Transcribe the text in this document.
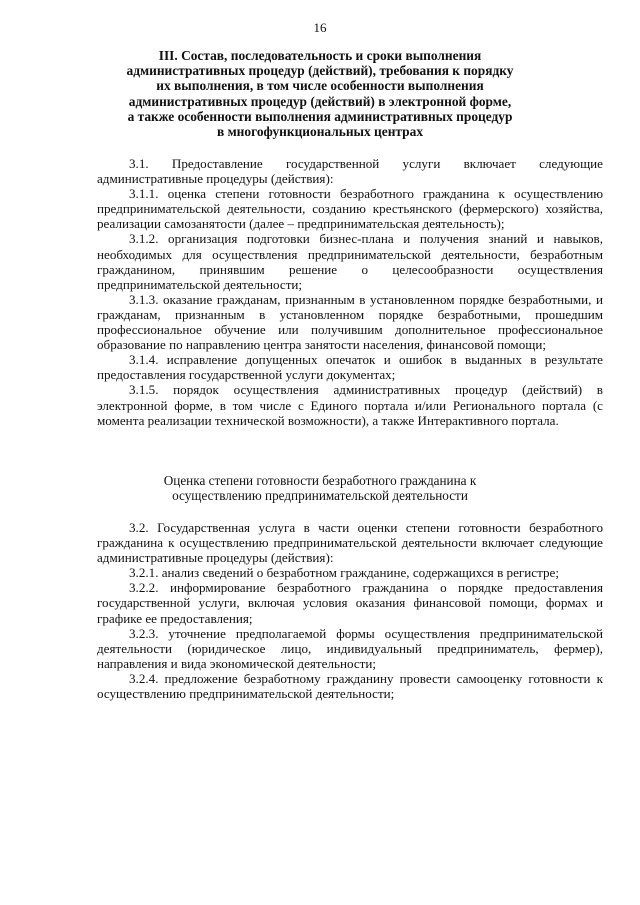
16
III. Состав, последовательность и сроки выполнения
административных процедур (действий), требования к порядку
их выполнения, в том числе особенности выполнения
административных процедур (действий) в электронной форме,
а также особенности выполнения административных процедур
в многофункциональных центрах

3.1. Предоставление государственной услуги включает следующие административные процедуры (действия):

3.1.1. оценка степени готовности безработного гражданина к осуществлению предпринимательской деятельности, созданию крестьянского (фермерского) хозяйства, реализации самозанятости (далее – предпринимательская деятельность);

3.1.2. организация подготовки бизнес-плана и получения знаний и навыков, необходимых для осуществления предпринимательской деятельности, безработным гражданином, принявшим решение о целесообразности осуществления предпринимательской деятельности;

3.1.3. оказание гражданам, признанным в установленном порядке безработными, и гражданам, признанным в установленном порядке безработными, прошедшим профессиональное обучение или получившим дополнительное профессиональное образование по направлению центра занятости населения, финансовой помощи;

3.1.4. исправление допущенных опечаток и ошибок в выданных в результате предоставления государственной услуги документах;

3.1.5. порядок осуществления административных процедур (действий) в электронной форме, в том числе с Единого портала и/или Регионального портала (с момента реализации технической возможности), а также Интерактивного портала.

Оценка степени готовности безработного гражданина к
осуществлению предпринимательской деятельности

3.2. Государственная услуга в части оценки степени готовности безработного гражданина к осуществлению предпринимательской деятельности включает следующие административные процедуры (действия):

3.2.1. анализ сведений о безработном гражданине, содержащихся в регистре;

3.2.2. информирование безработного гражданина о порядке предоставления государственной услуги, включая условия оказания финансовой помощи, формах и графике ее предоставления;

3.2.3. уточнение предполагаемой формы осуществления предпринимательской деятельности (юридическое лицо, индивидуальный предприниматель, фермер), направления и вида экономической деятельности;

3.2.4. предложение безработному гражданину провести самооценку готовности к осуществлению предпринимательской деятельности;
